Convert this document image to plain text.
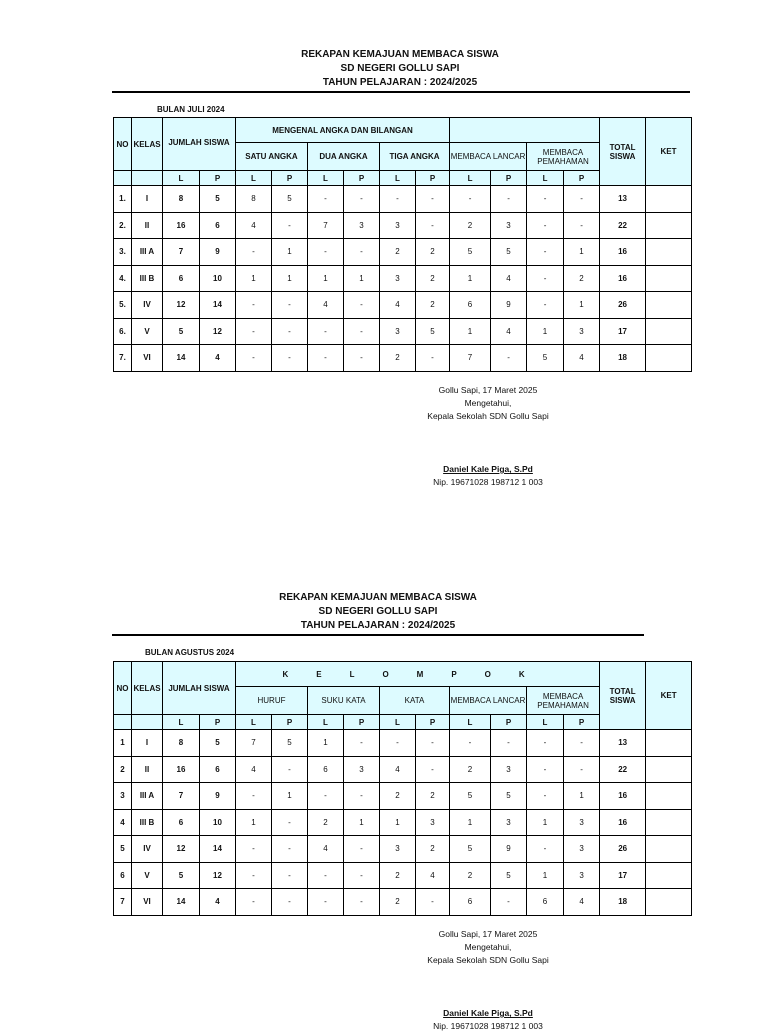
REKAPAN KEMAJUAN MEMBACA SISWA
SD NEGERI GOLLU SAPI
TAHUN PELAJARAN : 2024/2025
BULAN JULI 2024
NO	KELAS	JUMLAH SISWA		MENGENAL ANGKA DAN BILANGAN										TOTAL
SISWA	KET
				SATU ANGKA		DUA ANGKA		TIGA ANGKA		MEMBACA LANCAR		MEMBACA PEMAHAMAN			
		L	P	L	P	L	P	L	P	L	P	L	P		
1.	I	8	5	8	5	-	-	-	-	-	-	-	-	13	
2.	II	16	6	4	-	7	3	3	-	2	3	-	-	22	
3.	III A	7	9	-	1	-	-	2	2	5	5	-	1	16	
4.	III B	6	10	1	1	1	1	3	2	1	4	-	2	16	
5.	IV	12	14	-	-	4	-	4	2	6	9	-	1	26	
6.	V	5	12	-	-	-	-	3	5	1	4	1	3	17	
7.	VI	14	4	-	-	-	-	2	-	7	-	5	4	18	
Gollu Sapi, 17 Maret 2025
Mengetahui,
Kepala Sekolah SDN Gollu Sapi
Daniel Kale Piga, S.Pd
Nip. 19671028 198712 1 003
REKAPAN KEMAJUAN MEMBACA SISWA
SD NEGERI GOLLU SAPI
TAHUN PELAJARAN : 2024/2025
BULAN AGUSTUS 2024
NO	KELAS	JUMLAH SISWA		KELOMPOK										TOTAL
SISWA	KET
				HURUF		SUKU KATA		KATA		MEMBACA LANCAR		MEMBACA PEMAHAMAN			
		L	P	L	P	L	P	L	P	L	P	L	P		
1	I	8	5	7	5	1	-	-	-	-	-	-	-	13	
2	II	16	6	4	-	6	3	4	-	2	3	-	-	22	
3	III A	7	9	-	1	-	-	2	2	5	5	-	1	16	
4	III B	6	10	1	-	2	1	1	3	1	3	1	3	16	
5	IV	12	14	-	-	4	-	3	2	5	9	-	3	26	
6	V	5	12	-	-	-	-	2	4	2	5	1	3	17	
7	VI	14	4	-	-	-	-	2	-	6	-	6	4	18	
Gollu Sapi, 17 Maret 2025
Mengetahui,
Kepala Sekolah SDN Gollu Sapi
Daniel Kale Piga, S.Pd
Nip. 19671028 198712 1 003
